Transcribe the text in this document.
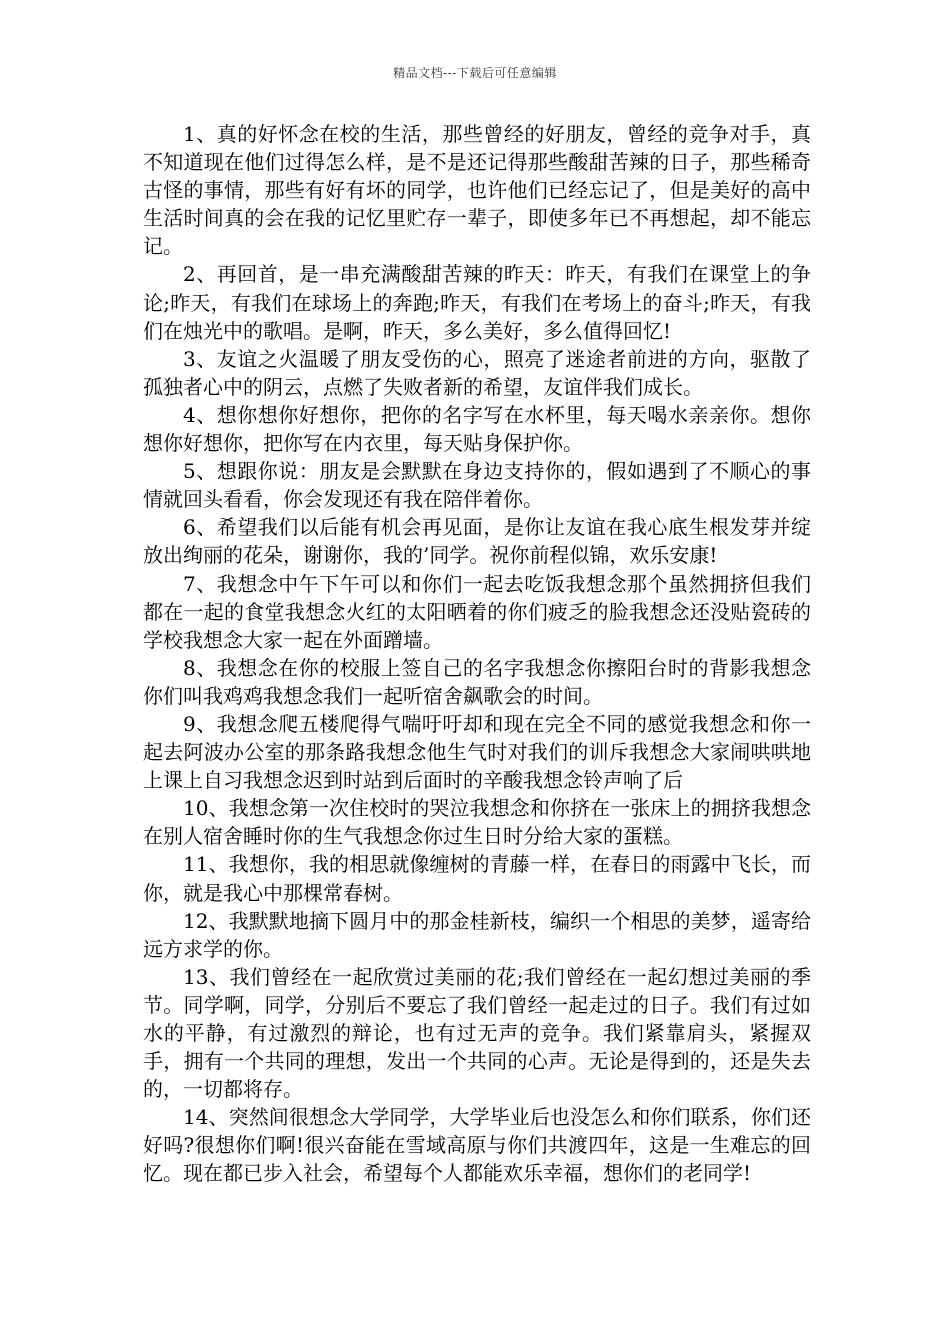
精品文档---下载后可任意编辑

1、真的好怀念在校的生活，那些曾经的好朋友，曾经的竞争对手，真不知道现在他们过得怎么样，是不是还记得那些酸甜苦辣的日子，那些稀奇古怪的事情，那些有好有坏的同学，也许他们已经忘记了，但是美好的高中生活时间真的会在我的记忆里贮存一辈子，即使多年已不再想起，却不能忘记。

2、再回首，是一串充满酸甜苦辣的昨天：昨天，有我们在课堂上的争论;昨天，有我们在球场上的奔跑;昨天，有我们在考场上的奋斗;昨天，有我们在烛光中的歌唱。是啊，昨天，多么美好，多么值得回忆!

3、友谊之火温暖了朋友受伤的心，照亮了迷途者前进的方向，驱散了孤独者心中的阴云，点燃了失败者新的希望，友谊伴我们成长。

4、想你想你好想你，把你的名字写在水杯里，每天喝水亲亲你。想你想你好想你，把你写在内衣里，每天贴身保护你。

5、想跟你说：朋友是会默默在身边支持你的，假如遇到了不顺心的事情就回头看看，你会发现还有我在陪伴着你。

6、希望我们以后能有机会再见面，是你让友谊在我心底生根发芽并绽放出绚丽的花朵，谢谢你，我的’同学。祝你前程似锦，欢乐安康!

7、我想念中午下午可以和你们一起去吃饭我想念那个虽然拥挤但我们都在一起的食堂我想念火红的太阳晒着的你们疲乏的脸我想念还没贴瓷砖的学校我想念大家一起在外面蹭墙。

8、我想念在你的校服上签自己的名字我想念你擦阳台时的背影我想念你们叫我鸡鸡我想念我们一起听宿舍飙歌会的时间。

9、我想念爬五楼爬得气喘吁吁却和现在完全不同的感觉我想念和你一起去阿波办公室的那条路我想念他生气时对我们的训斥我想念大家闹哄哄地上课上自习我想念迟到时站到后面时的辛酸我想念铃声响了后

10、我想念第一次住校时的哭泣我想念和你挤在一张床上的拥挤我想念在别人宿舍睡时你的生气我想念你过生日时分给大家的蛋糕。

11、我想你，我的相思就像缠树的青藤一样，在春日的雨露中飞长，而你，就是我心中那棵常春树。

12、我默默地摘下圆月中的那金桂新枝，编织一个相思的美梦，遥寄给远方求学的你。

13、我们曾经在一起欣赏过美丽的花;我们曾经在一起幻想过美丽的季节。同学啊，同学，分别后不要忘了我们曾经一起走过的日子。我们有过如水的平静，有过激烈的辩论，也有过无声的竞争。我们紧靠肩头，紧握双手，拥有一个共同的理想，发出一个共同的心声。无论是得到的，还是失去的，一切都将存。

14、突然间很想念大学同学，大学毕业后也没怎么和你们联系，你们还好吗?很想你们啊!很兴奋能在雪域高原与你们共渡四年，这是一生难忘的回忆。现在都已步入社会，希望每个人都能欢乐幸福，想你们的老同学!
